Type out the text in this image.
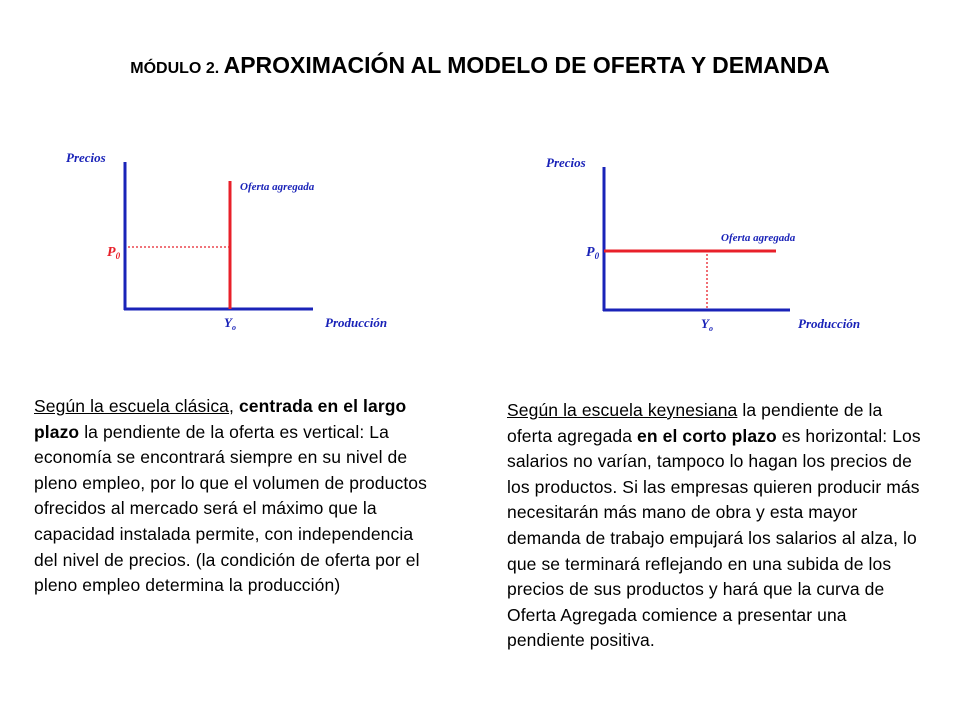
MÓDULO 2. APROXIMACIÓN AL MODELO DE OFERTA Y DEMANDA
Precios
Oferta agregada
$P_0$
$Y_o$	Producción
Precios
Oferta agregada
$P_0$
$Y_o$	Producción
Según la escuela clásica, centrada en el largo plazo la pendiente de la oferta es vertical: La economía se encontrará siempre en su nivel de pleno empleo, por lo que el volumen de productos ofrecidos al mercado será el máximo que la capacidad instalada permite, con independencia del nivel de precios. (la condición de oferta por el pleno empleo determina la producción)
Según la escuela keynesiana la pendiente de la oferta agregada en el corto plazo es horizontal: Los salarios no varían, tampoco lo hagan los precios de los productos. Si las empresas quieren producir más necesitarán más mano de obra y esta mayor demanda de trabajo empujará los salarios al alza, lo que se terminará reflejando en una subida de los precios de sus productos y hará que la curva de Oferta Agregada comience a presentar una pendiente positiva.
